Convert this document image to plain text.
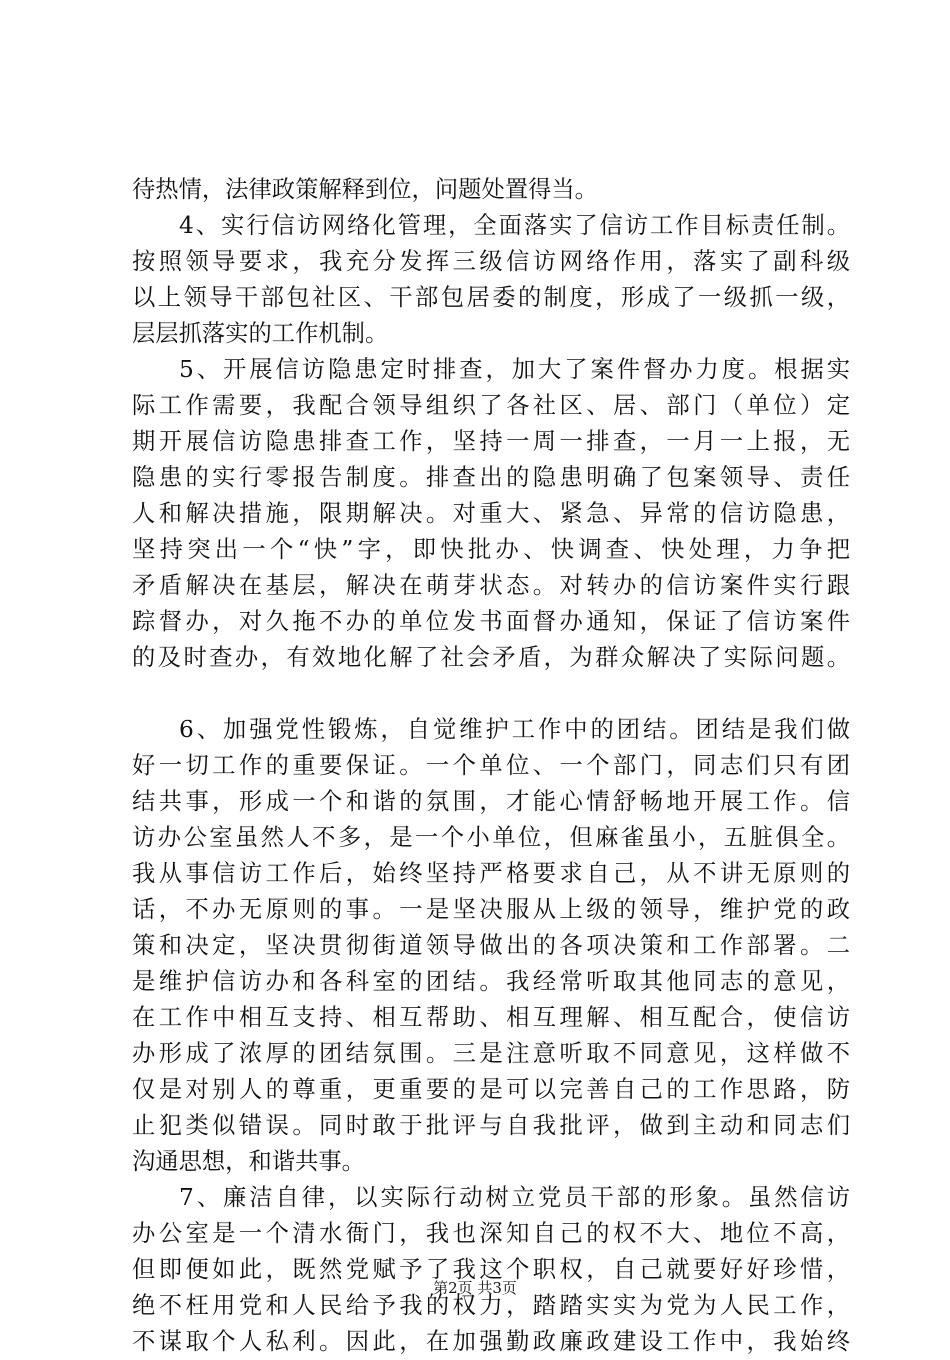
待热情，法律政策解释到位，问题处置得当。
4、实行信访网络化管理，全面落实了信访工作目标责任制。
按照领导要求，我充分发挥三级信访网络作用，落实了副科级
以上领导干部包社区、干部包居委的制度，形成了一级抓一级，
层层抓落实的工作机制。
5、开展信访隐患定时排查，加大了案件督办力度。根据实
际工作需要，我配合领导组织了各社区、居、部门（单位）定
期开展信访隐患排查工作，坚持一周一排查，一月一上报，无
隐患的实行零报告制度。排查出的隐患明确了包案领导、责任
人和解决措施，限期解决。对重大、紧急、异常的信访隐患，
坚持突出一个“快”字，即快批办、快调查、快处理，力争把
矛盾解决在基层，解决在萌芽状态。对转办的信访案件实行跟
踪督办，对久拖不办的单位发书面督办通知，保证了信访案件
的及时查办，有效地化解了社会矛盾，为群众解决了实际问题。
6、加强党性锻炼，自觉维护工作中的团结。团结是我们做
好一切工作的重要保证。一个单位、一个部门，同志们只有团
结共事，形成一个和谐的氛围，才能心情舒畅地开展工作。信
访办公室虽然人不多，是一个小单位，但麻雀虽小，五脏俱全。
我从事信访工作后，始终坚持严格要求自己，从不讲无原则的
话，不办无原则的事。一是坚决服从上级的领导，维护党的政
策和决定，坚决贯彻街道领导做出的各项决策和工作部署。二
是维护信访办和各科室的团结。我经常听取其他同志的意见，
在工作中相互支持、相互帮助、相互理解、相互配合，使信访
办形成了浓厚的团结氛围。三是注意听取不同意见，这样做不
仅是对别人的尊重，更重要的是可以完善自己的工作思路，防
止犯类似错误。同时敢于批评与自我批评，做到主动和同志们
沟通思想，和谐共事。
7、廉洁自律，以实际行动树立党员干部的形象。虽然信访
办公室是一个清水衙门，我也深知自己的权不大、地位不高，
但即便如此，既然党赋予了我这个职权，自己就要好好珍惜，
绝不枉用党和人民给予我的权力，踏踏实实为党为人民工作，
不谋取个人私利。因此，在加强勤政廉政建设工作中，我始终
第2页 共3页
